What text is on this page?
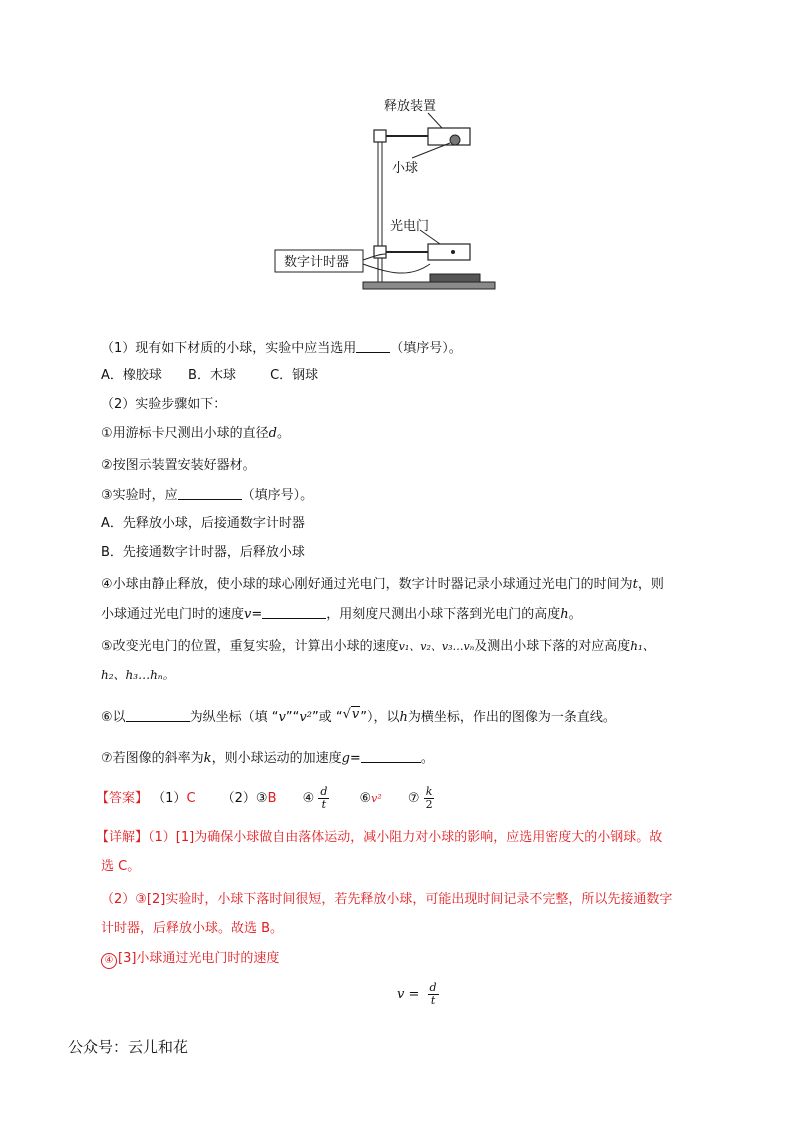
释放装置
小球
光电门
数字计时器
（1）现有如下材质的小球，实验中应当选用	（填序号）。
A．橡胶球 B．木球	C．钢球
（2）实验步骤如下：
①用游标卡尺测出小球的直径d。
②按图示装置安装好器材。
③实验时，应	（填序号）。
A．先释放小球，后接通数字计时器
B．先接通数字计时器，后释放小球
④小球由静止释放，使小球的球心刚好通过光电门，数字计时器记录小球通过光电门的时间为t，则
小球通过光电门时的速度v=	，用刻度尺测出小球下落到光电门的高度h。
⑤改变光电门的位置，重复实验，计算出小球的速度v₁、v₂、v₃…vₙ及测出小球下落的对应高度h₁、
h₂、h₃…hₙ。
⑥以	为纵坐标（填 “v”“v²”或 “√v”），以h为横坐标，作出的图像为一条直线。
⑦若图像的斜率为k，则小球运动的加速度g=	。
【答案】 （1）C （2）③B ④ $\frac{d}{t}$ ⑥v² ⑦ $\frac{k}{2}$
【详解】（1）[1]为确保小球做自由落体运动，减小阻力对小球的影响，应选用密度大的小钢球。故
选 C。
（2）③[2]实验时，小球下落时间很短，若先释放小球，可能出现时间记录不完整，所以先接通数字
计时器，后释放小球。故选 B。
④ [3]小球通过光电门时的速度
$v = \frac{d}{t}$
公众号：云儿和花
